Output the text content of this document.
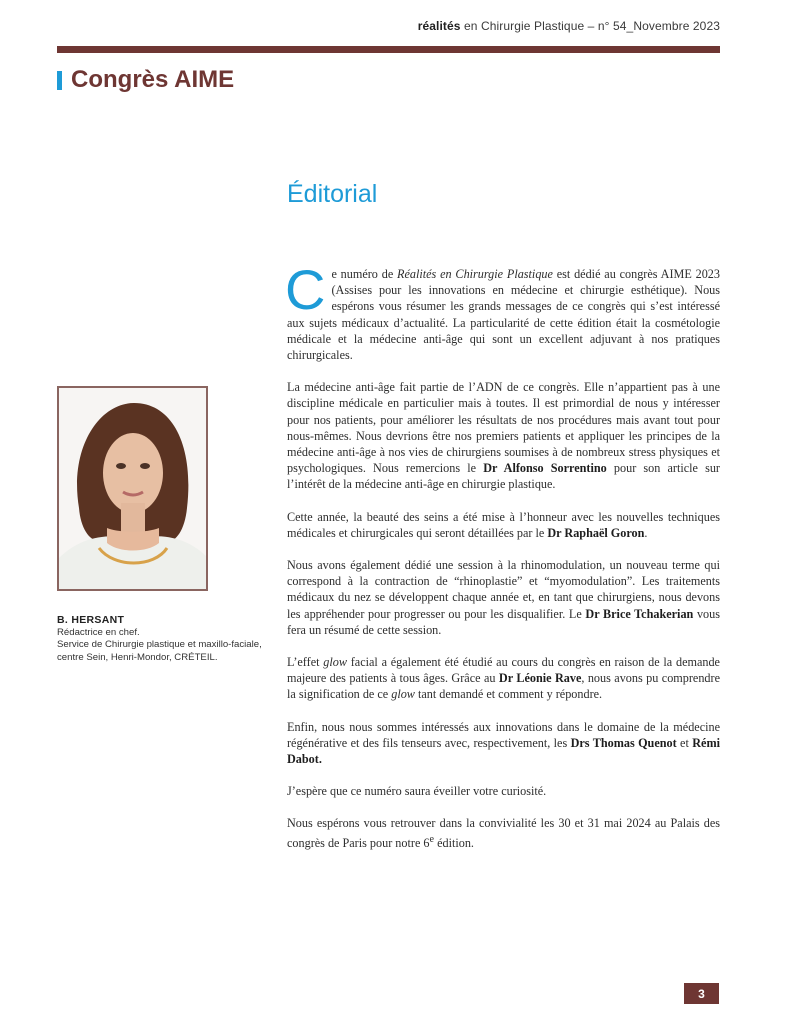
réalités en Chirurgie Plastique – n° 54_Novembre 2023
Congrès AIME
Éditorial
B. HERSANT
Rédactrice en chef.
Service de Chirurgie plastique et maxillo-faciale, centre Sein, Henri-Mondor, CRÉTEIL.

Ce numéro de Réalités en Chirurgie Plastique est dédié au congrès AIME 2023 (Assises pour les innovations en médecine et chirurgie esthétique). Nous espérons vous résumer les grands messages de ce congrès qui s’est intéressé aux sujets médicaux d’actualité. La particularité de cette édition était la cosmétologie médicale et la médecine anti-âge qui sont un excellent adjuvant à nos pratiques chirurgicales.

La médecine anti-âge fait partie de l’ADN de ce congrès. Elle n’appartient pas à une discipline médicale en particulier mais à toutes. Il est primordial de nous y intéresser pour nos patients, pour améliorer les résultats de nos procédures mais avant tout pour nous-mêmes. Nous devrions être nos premiers patients et appliquer les principes de la médecine anti-âge à nos vies de chirurgiens soumises à de nombreux stress physiques et psychologiques. Nous remercions le Dr Alfonso Sorrentino pour son article sur l’intérêt de la médecine anti-âge en chirurgie plastique.

Cette année, la beauté des seins a été mise à l’honneur avec les nouvelles techniques médicales et chirurgicales qui seront détaillées par le Dr Raphaël Goron.

Nous avons également dédié une session à la rhinomodulation, un nouveau terme qui correspond à la contraction de “rhinoplastie” et “myomodulation”. Les traitements médicaux du nez se développent chaque année et, en tant que chirurgiens, nous devons les appréhender pour progresser ou pour les disqualifier. Le Dr Brice Tchakerian vous fera un résumé de cette session.

L’effet glow facial a également été étudié au cours du congrès en raison de la demande majeure des patients à tous âges. Grâce au Dr Léonie Rave, nous avons pu comprendre la signification de ce glow tant demandé et comment y répondre.

Enfin, nous nous sommes intéressés aux innovations dans le domaine de la médecine régénérative et des fils tenseurs avec, respectivement, les Drs Thomas Quenot et Rémi Dabot.

J’espère que ce numéro saura éveiller votre curiosité.

Nous espérons vous retrouver dans la convivialité les 30 et 31 mai 2024 au Palais des congrès de Paris pour notre 6e édition.

3
